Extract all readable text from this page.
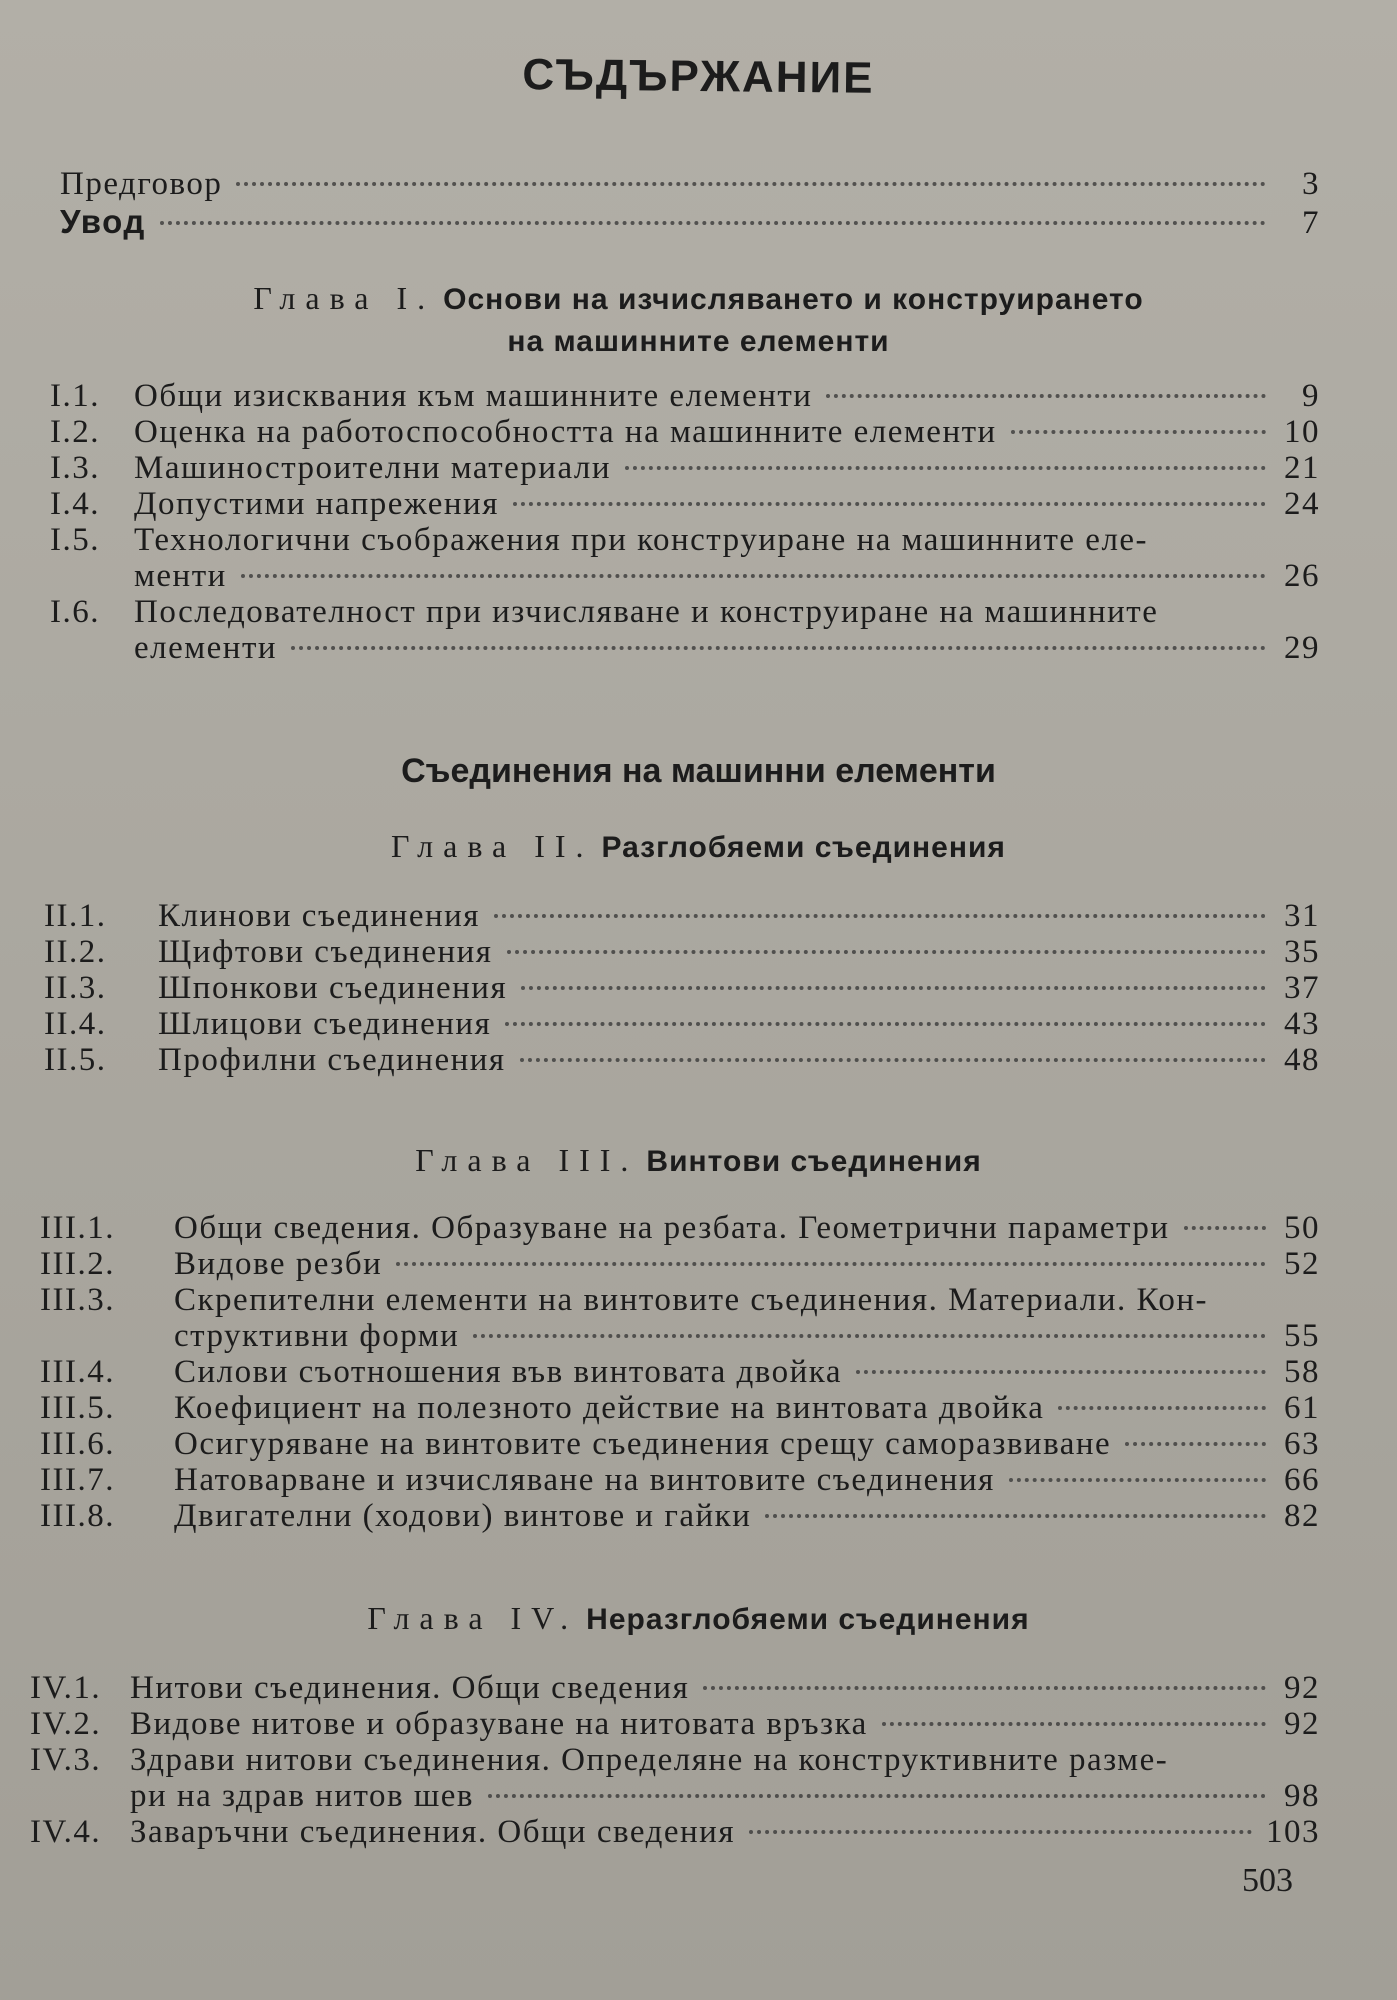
СЪДЪРЖАНИЕ
Предговор	3
Увод	7
Глава I. Основи на изчисляването и конструирането
на машинните елементи
I.1.	Общи изисквания към машинните елементи	9
I.2.	Оценка на работоспособността на машинните елементи	10
I.3.	Машиностроителни материали	21
I.4.	Допустими напрежения	24
I.5.	Технологични съображения при конструиране на машинните еле-
менти	26
I.6.	Последователност при изчисляване и конструиране на машинните
елементи	29
Съединения на машинни елементи
Глава II. Разглобяеми съединения
II.1.	Клинови съединения	31
II.2.	Щифтови съединения	35
II.3.	Шпонкови съединения	37
II.4.	Шлицови съединения	43
II.5.	Профилни съединения	48
Глава III. Винтови съединения
III.1.	Общи сведения. Образуване на резбата. Геометрични параметри	50
III.2.	Видове резби	52
III.3.	Скрепителни елементи на винтовите съединения. Материали. Кон-
структивни форми	55
III.4.	Силови съотношения във винтовата двойка	58
III.5.	Коефициент на полезното действие на винтовата двойка	61
III.6.	Осигуряване на винтовите съединения срещу саморазвиване	63
III.7.	Натоварване и изчисляване на винтовите съединения	66
III.8.	Двигателни (ходови) винтове и гайки	82
Глава IV. Неразглобяеми съединения
IV.1. Нитови съединения. Общи сведения	92
IV.2. Видове нитове и образуване на нитовата връзка	92
IV.3. Здрави нитови съединения. Определяне на конструктивните разме-
ри на здрав нитов шев	98
IV.4. Заваръчни съединения. Общи сведения	103
503
